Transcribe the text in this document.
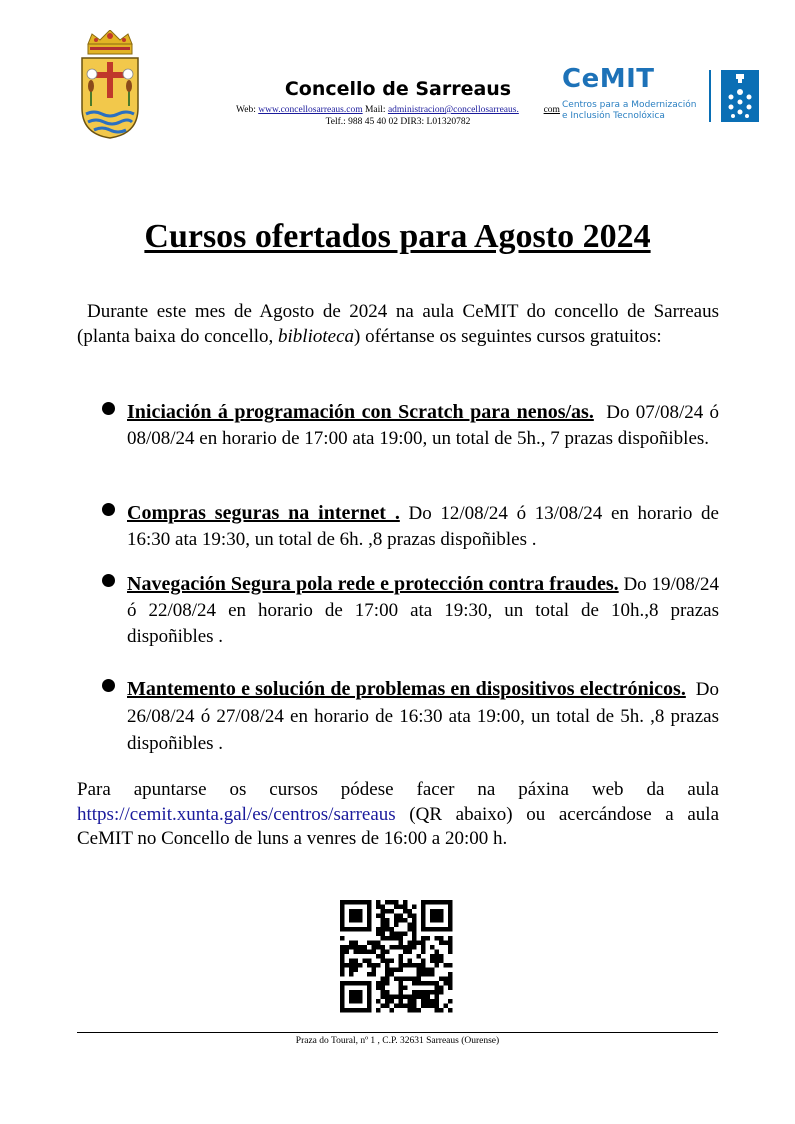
Concello de Sarreaus
Web: www.concellosarreaus.com Mail: administracion@concellosarreaus.	com
Telf.: 988 45 40 02 DIR3: L01320782
CeMIT
Centros para a Modernización
e Inclusión Tecnolóxica
Cursos ofertados para Agosto 2024
Durante este mes de Agosto de 2024 na aula CeMIT do concello de Sarreaus (planta baixa do concello, biblioteca) ofértanse os seguintes cursos gratuitos:
Iniciación á programación con Scratch para nenos/as. Do 07/08/24 ó 08/08/24 en horario de 17:00 ata 19:00, un total de 5h., 7 prazas dispoñibles.
Compras seguras na internet . Do 12/08/24 ó 13/08/24 en horario de 16:30 ata 19:30, un total de 6h. ,8 prazas dispoñibles .
Navegación Segura pola rede e protección contra fraudes. Do 19/08/24 ó 22/08/24 en horario de 17:00 ata 19:30, un total de 10h.,8 prazas dispoñibles .
Mantemento e solución de problemas en dispositivos electrónicos. Do 26/08/24 ó 27/08/24 en horario de 16:30 ata 19:00, un total de 5h. ,8 prazas dispoñibles .
Para apuntarse os cursos pódese facer na páxina web da aula https://cemit.xunta.gal/es/centros/sarreaus (QR abaixo) ou acercándose a aula CeMIT no Concello de luns a venres de 16:00 a 20:00 h.
Praza do Toural, nº 1 , C.P. 32631 Sarreaus (Ourense)
